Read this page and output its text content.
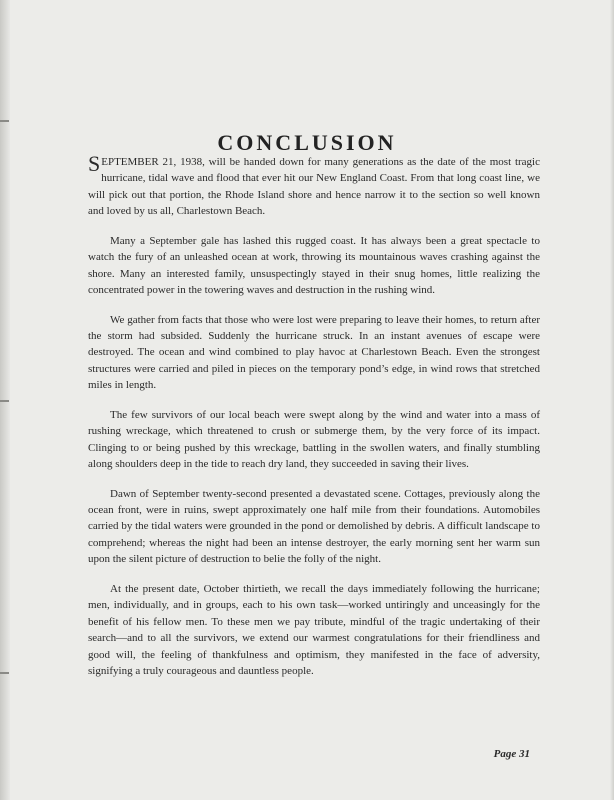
CONCLUSION

SEPTEMBER 21, 1938, will be handed down for many generations as the date of the most tragic hurricane, tidal wave and flood that ever hit our New England Coast. From that long coast line, we will pick out that portion, the Rhode Island shore and hence narrow it to the section so well known and loved by us all, Charlestown Beach.

Many a September gale has lashed this rugged coast. It has always been a great spectacle to watch the fury of an unleashed ocean at work, throwing its mountainous waves crashing against the shore. Many an interested family, unsuspectingly stayed in their snug homes, little realizing the concentrated power in the towering waves and destruction in the rushing wind.

We gather from facts that those who were lost were preparing to leave their homes, to return after the storm had subsided. Suddenly the hurricane struck. In an instant avenues of escape were destroyed. The ocean and wind combined to play havoc at Charlestown Beach. Even the strongest structures were carried and piled in pieces on the temporary pond’s edge, in wind rows that stretched miles in length.

The few survivors of our local beach were swept along by the wind and water into a mass of rushing wreckage, which threatened to crush or submerge them, by the very force of its impact. Clinging to or being pushed by this wreckage, battling in the swollen waters, and finally stumbling along shoulders deep in the tide to reach dry land, they succeeded in saving their lives.

Dawn of September twenty-second presented a devastated scene. Cottages, previously along the ocean front, were in ruins, swept approximately one half mile from their foundations. Automobiles carried by the tidal waters were grounded in the pond or demolished by debris. A difficult landscape to comprehend; whereas the night had been an intense destroyer, the early morning sent her warm sun upon the silent picture of destruction to belie the folly of the night.

At the present date, October thirtieth, we recall the days immediately following the hurricane; men, individually, and in groups, each to his own task—worked untiringly and unceasingly for the benefit of his fellow men. To these men we pay tribute, mindful of the tragic undertaking of their search—and to all the survivors, we extend our warmest congratulations for their friendliness and good will, the feeling of thankfulness and optimism, they manifested in the face of adversity, signifying a truly courageous and dauntless people.

Page 31
